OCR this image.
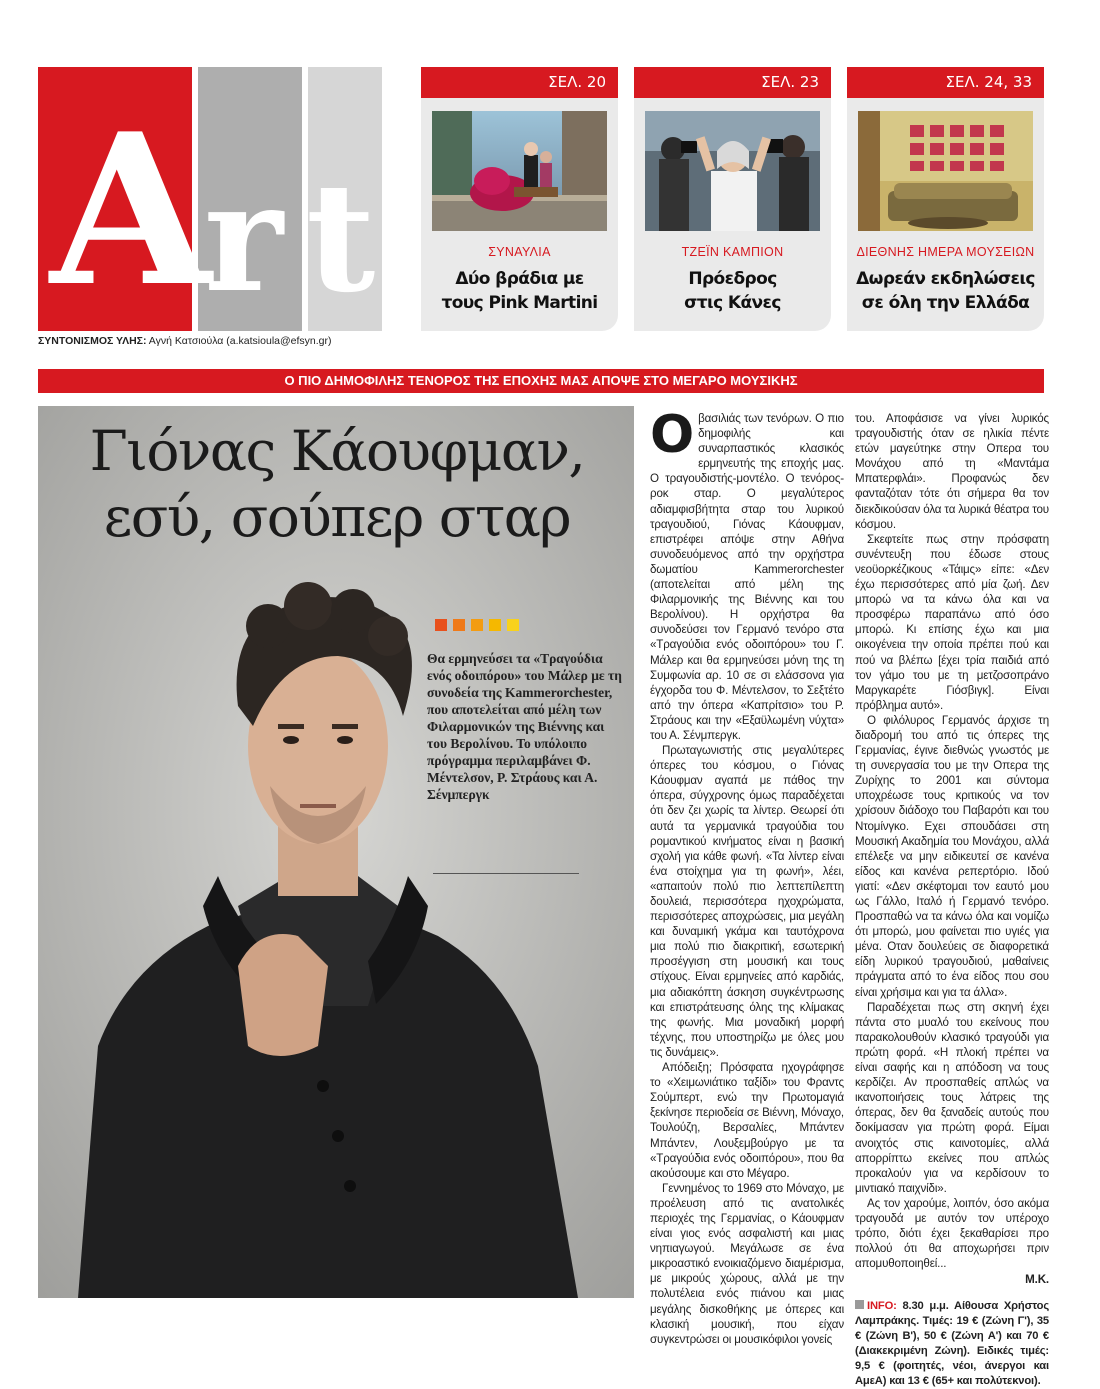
A
r t
ΣΥΝΤΟΝΙΣΜΟΣ ΥΛΗΣ: Αγνή Κατσιούλα (a.katsioula@efsyn.gr)
ΣΕΛ. 20
ΣΥΝΑΥΛΙΑ
Δύο βράδια με
τους Pink Martini
ΣΕΛ. 23
ΤΖΕΪΝ ΚΑΜΠΙΟΝ
Πρόεδρος
στις Κάνες
ΣΕΛ. 24, 33
ΔΙΕΘΝΗΣ ΗΜΕΡΑ ΜΟΥΣΕΙΩΝ
Δωρεάν εκδηλώσεις
σε όλη την Ελλάδα
Ο ΠΙΟ ΔΗΜΟΦΙΛΗΣ ΤΕΝΟΡΟΣ ΤΗΣ ΕΠΟΧΗΣ ΜΑΣ ΑΠΟΨΕ ΣΤΟ ΜΕΓΑΡΟ ΜΟΥΣΙΚΗΣ
Γιόνας Κάουφμαν,
εσύ, σούπερ σταρ
Θα ερμηνεύσει τα «Τραγούδια ενός οδοιπόρου» του Μάλερ με τη συνοδεία της Kammerorchester, που αποτελείται από μέλη των Φιλαρμονικών της Βιέννης και του Βερολίνου. Το υπόλοιπο πρόγραμμα περιλαμβάνει Φ. Μέντελσον, Ρ. Στράους και Α. Σένμπεργκ

Οβασιλιάς των τενόρων. Ο πιο δημοφιλής και συναρπαστικός κλασικός ερμηνευτής της εποχής μας. Ο τραγουδιστής-μοντέλο. Ο τενόρος-ροκ σταρ. Ο μεγαλύτερος αδιαμφισβήτητα σταρ του λυρικού τραγουδιού, Γιόνας Κάουφμαν, επιστρέφει απόψε στην Αθήνα συνοδευόμενος από την ορχήστρα δωματίου Kammerorchester (αποτελείται από μέλη της Φιλαρμονικής της Βιέννης και του Βερολίνου). Η ορχήστρα θα συνοδεύσει τον Γερμανό τενόρο στα «Τραγούδια ενός οδοιπόρου» του Γ. Μάλερ και θα ερμηνεύσει μόνη της τη Συμφωνία αρ. 10 σε σι ελάσσονα για έγχορδα του Φ. Μέντελσον, το Σεξτέτο από την όπερα «Καπρίτσιο» του Ρ. Στράους και την «Εξαϋλωμένη νύχτα» του Α. Σένμπεργκ.

Πρωταγωνιστής στις μεγαλύτερες όπερες του κόσμου, ο Γιόνας Κάουφμαν αγαπά με πάθος την όπερα, σύγχρονης όμως παραδέχεται ότι δεν ζει χωρίς τα λίντερ. Θεωρεί ότι αυτά τα γερμανικά τραγούδια του ρομαντικού κινήματος είναι η βασική σχολή για κάθε φωνή. «Τα λίντερ είναι ένα στοίχημα για τη φωνή», λέει, «απαιτούν πολύ πιο λεπτεπίλεπτη δουλειά, περισσότερα ηχοχρώματα, περισσότερες αποχρώσεις, μια μεγάλη και δυναμική γκάμα και ταυτόχρονα μια πολύ πιο διακριτική, εσωτερική προσέγγιση στη μουσική και τους στίχους. Είναι ερμηνείες από καρδιάς, μια αδιακόπτη άσκηση συγκέντρωσης και επιστράτευσης όλης της κλίμακας της φωνής. Μια μοναδική μορφή τέχνης, που υποστηρίζω με όλες μου τις δυνάμεις».

Απόδειξη; Πρόσφατα ηχογράφησε το «Χειμωνιάτικο ταξίδι» του Φραντς Σούμπερτ, ενώ την Πρωτομαγιά ξεκίνησε περιοδεία σε Βιέννη, Μόναχο, Τουλούζη, Βερσαλίες, Μπάντεν Μπάντεν, Λουξεμβούργο με τα «Τραγούδια ενός οδοιπόρου», που θα ακούσουμε και στο Μέγαρο.

Γεννημένος το 1969 στο Μόναχο, με προέλευση από τις ανατολικές περιοχές της Γερμανίας, ο Κάουφμαν είναι γιος ενός ασφαλιστή και μιας νηπιαγωγού. Μεγάλωσε σε ένα μικροαστικό ενοικιαζόμενο διαμέρισμα, με μικρούς χώρους, αλλά με την πολυτέλεια ενός πιάνου και μιας μεγάλης δισκοθήκης με όπερες και κλασική μουσική, που είχαν συγκεντρώσει οι μουσικόφιλοι γονείς

του. Αποφάσισε να γίνει λυρικός τραγουδιστής όταν σε ηλικία πέντε ετών μαγεύτηκε στην Οπερα του Μονάχου από τη «Μαντάμα Μπατερφλάι». Προφανώς δεν φανταζόταν τότε ότι σήμερα θα τον διεκδικούσαν όλα τα λυρικά θέατρα του κόσμου.

Σκεφτείτε πως στην πρόσφατη συνέντευξη που έδωσε στους νεοϋορκέζικους «Τάιμς» είπε: «Δεν έχω περισσότερες από μία ζωή. Δεν μπορώ να τα κάνω όλα και να προσφέρω παραπάνω από όσο μπορώ. Κι επίσης έχω και μια οικογένεια την οποία πρέπει πού και πού να βλέπω [έχει τρία παιδιά από τον γάμο του με τη μετζοσοπράνο Μαργκαρέτε Γιόσβιγκ]. Είναι πρόβλημα αυτό».

Ο φιλόλυρος Γερμανός άρχισε τη διαδρομή του από τις όπερες της Γερμανίας, έγινε διεθνώς γνωστός με τη συνεργασία του με την Οπερα της Ζυρίχης το 2001 και σύντομα υποχρέωσε τους κριτικούς να τον χρίσουν διάδοχο του Παβαρότι και του Ντομίνγκο. Εχει σπουδάσει στη Μουσική Ακαδημία του Μονάχου, αλλά επέλεξε να μην ειδικευτεί σε κανένα είδος και κανένα ρεπερτόριο. Ιδού γιατί: «Δεν σκέφτομαι τον εαυτό μου ως Γάλλο, Ιταλό ή Γερμανό τενόρο. Προσπαθώ να τα κάνω όλα και νομίζω ότι μπορώ, μου φαίνεται πιο υγιές για μένα. Οταν δουλεύεις σε διαφορετικά είδη λυρικού τραγουδιού, μαθαίνεις πράγματα από το ένα είδος που σου είναι χρήσιμα και για τα άλλα».

Παραδέχεται πως στη σκηνή έχει πάντα στο μυαλό του εκείνους που παρακολουθούν κλασικό τραγούδι για πρώτη φορά. «Η πλοκή πρέπει να είναι σαφής και η απόδοση να τους κερδίζει. Αν προσπαθείς απλώς να ικανοποιήσεις τους λάτρεις της όπερας, δεν θα ξαναδείς αυτούς που δοκίμασαν για πρώτη φορά. Είμαι ανοιχτός στις καινοτομίες, αλλά απορρίπτω εκείνες που απλώς προκαλούν για να κερδίσουν το μιντιακό παιχνίδι».

Ας τον χαρούμε, λοιπόν, όσο ακόμα τραγουδά με αυτόν τον υπέροχο τρόπο, διότι έχει ξεκαθαρίσει προ πολλού ότι θα αποχωρήσει πριν απομυθοποιηθεί...

Μ.Κ.
INFO: 8.30 μ.μ. Αίθουσα Χρήστος Λαμπράκης. Τιμές: 19 € (Ζώνη Γ'), 35 € (Ζώνη Β'), 50 € (Ζώνη Α') και 70 € (Διακεκριμένη Ζώνη). Ειδικές τιμές: 9,5 € (φοιτητές, νέοι, άνεργοι και ΑμεΑ) και 13 € (65+ και πολύτεκνοι).
